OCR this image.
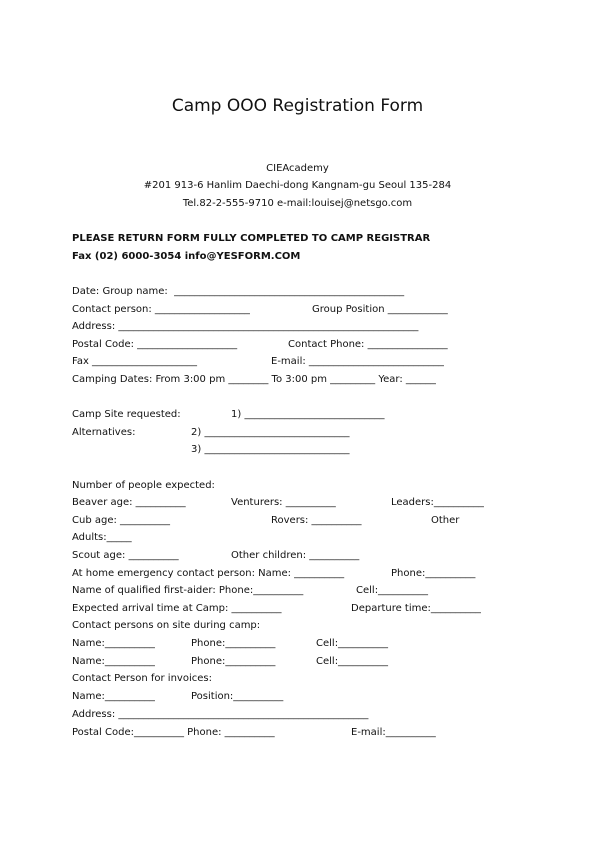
Camp OOO Registration Form
CIEAcademy
#201 913-6 Hanlim Daechi-dong Kangnam-gu Seoul 135-284
Tel.82-2-555-9710 e-mail:louisej@netsgo.com
PLEASE RETURN FORM FULLY COMPLETED TO CAMP REGISTRAR
Fax (02) 6000-3054 info@YESFORM.COM
Date: Group name:  ______________________________________________
Contact person: ___________________	Group Position ____________
Address: ____________________________________________________________
Postal Code: ____________________	Contact Phone: ________________
Fax _____________________	E-mail: ___________________________
Camping Dates: From 3:00 pm ________ To 3:00 pm _________ Year: ______
Camp Site requested:	1) ____________________________
Alternatives:	2) _____________________________
3) _____________________________
Number of people expected:
Beaver age: __________	Venturers: __________	Leaders:__________
Cub age: __________	Rovers: __________	Other
Adults:_____
Scout age: __________	Other children: __________
At home emergency contact person: Name: __________	Phone:__________
Name of qualified first-aider: Phone:__________	Cell:__________
Expected arrival time at Camp: __________	Departure time:__________
Contact persons on site during camp:
Name:__________	Phone:__________	Cell:__________
Name:__________	Phone:__________	Cell:__________
Contact Person for invoices:
Name:__________	Position:__________
Address: __________________________________________________
Postal Code:__________ Phone: __________	E-mail:__________
